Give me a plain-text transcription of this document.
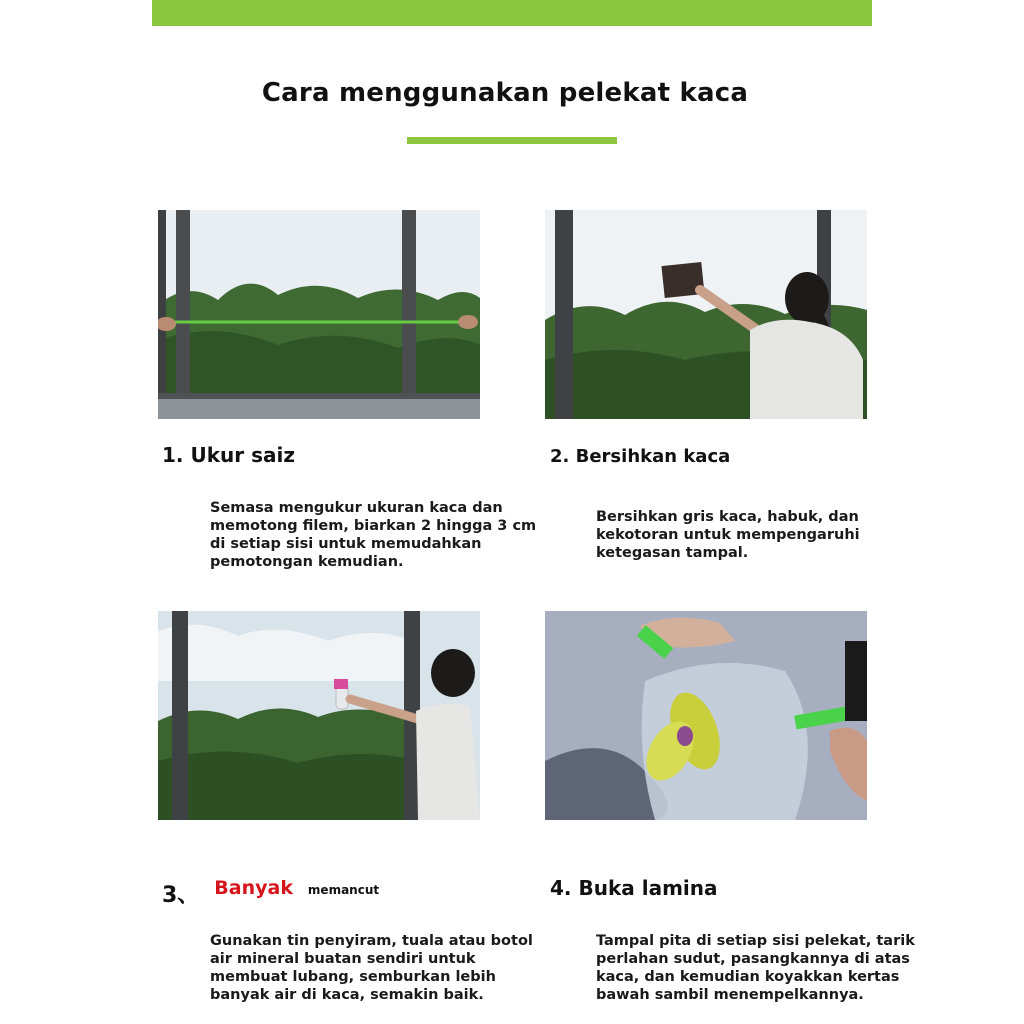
Cara menggunakan pelekat kaca
1. Ukur saiz
Semasa mengukur ukuran kaca dan memotong filem, biarkan 2 hingga 3 cm di setiap sisi untuk memudahkan pemotongan kemudian.
2. Bersihkan kaca
Bersihkan gris kaca, habuk, dan kekotoran untuk mempengaruhi ketegasan tampal.
3、 Banyak memancut
Gunakan tin penyiram, tuala atau botol air mineral buatan sendiri untuk membuat lubang, semburkan lebih banyak air di kaca, semakin baik.
4. Buka lamina
Tampal pita di setiap sisi pelekat, tarik perlahan sudut, pasangkannya di atas kaca, dan kemudian koyakkan kertas bawah sambil menempelkannya.
